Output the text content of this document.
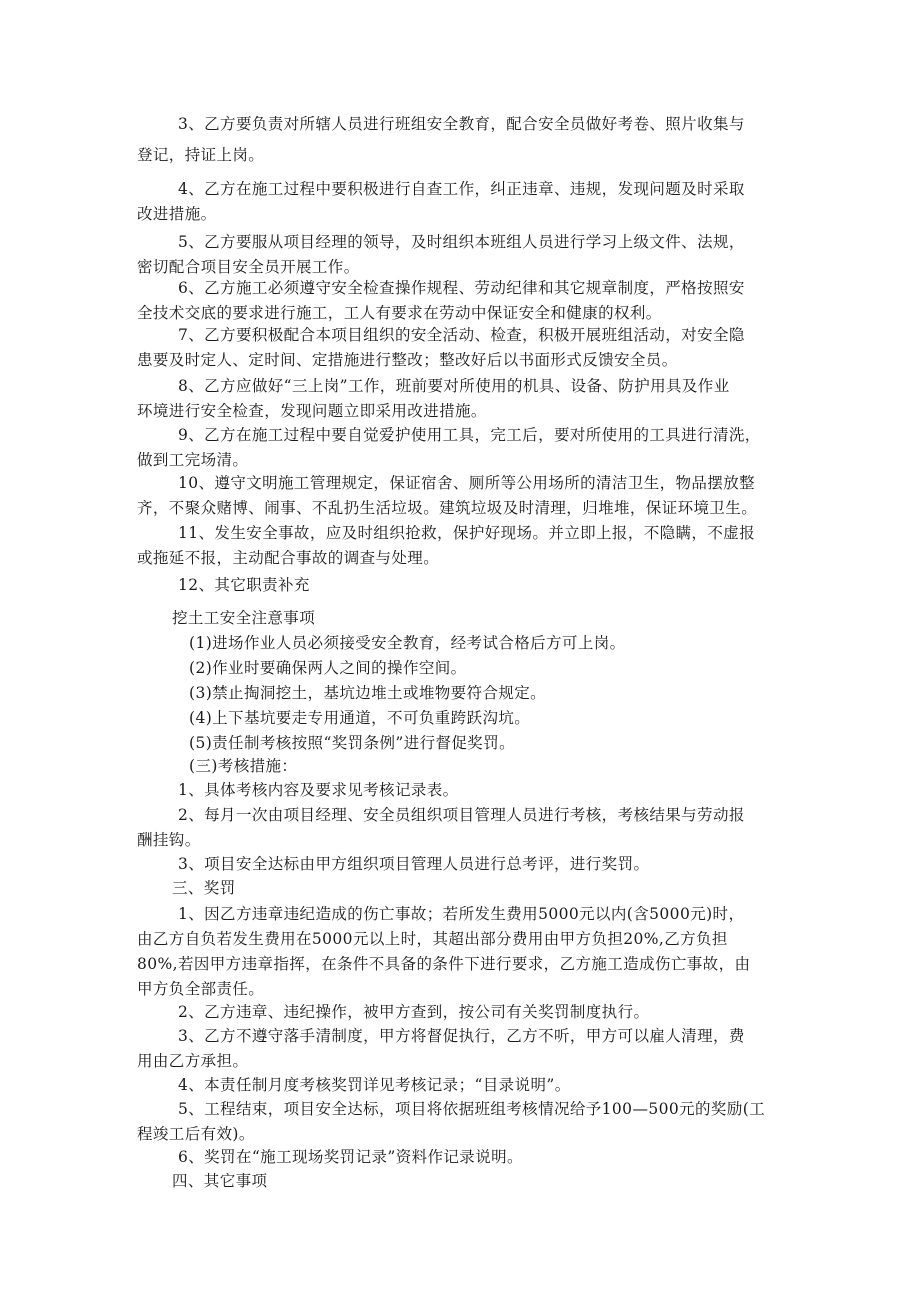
3、乙方要负责对所辖人员进行班组安全教育，配合安全员做好考卷、照片收集与
登记，持证上岗。
4、乙方在施工过程中要积极进行自查工作，纠正违章、违规，发现问题及时采取
改进措施。
5、乙方要服从项目经理的领导，及时组织本班组人员进行学习上级文件、法规，
密切配合项目安全员开展工作。
6、乙方施工必须遵守安全检查操作规程、劳动纪律和其它规章制度，严格按照安
全技术交底的要求进行施工，工人有要求在劳动中保证安全和健康的权利。
7、乙方要积极配合本项目组织的安全活动、检查，积极开展班组活动，对安全隐
患要及时定人、定时间、定措施进行整改；整改好后以书面形式反馈安全员。
8、乙方应做好“三上岗”工作，班前要对所使用的机具、设备、防护用具及作业
环境进行安全检查，发现问题立即采用改进措施。
9、乙方在施工过程中要自觉爱护使用工具，完工后，要对所使用的工具进行清洗，
做到工完场清。
10、遵守文明施工管理规定，保证宿舍、厕所等公用场所的清洁卫生，物品摆放整
齐，不聚众赌博、闹事、不乱扔生活垃圾。建筑垃圾及时清理，归堆堆，保证环境卫生。
11、发生安全事故，应及时组织抢救，保护好现场。并立即上报，不隐瞒，不虚报
或拖延不报，主动配合事故的调查与处理。
12、其它职责补充
挖土工安全注意事项
(1)进场作业人员必须接受安全教育，经考试合格后方可上岗。
(2)作业时要确保两人之间的操作空间。
(3)禁止掏洞挖土，基坑边堆土或堆物要符合规定。
(4)上下基坑要走专用通道，不可负重跨跃沟坑。
(5)责任制考核按照“奖罚条例”进行督促奖罚。
(三)考核措施：
1、具体考核内容及要求见考核记录表。
2、每月一次由项目经理、安全员组织项目管理人员进行考核，考核结果与劳动报
酬挂钩。
3、项目安全达标由甲方组织项目管理人员进行总考评，进行奖罚。
三、奖罚
1、因乙方违章违纪造成的伤亡事故；若所发生费用5000元以内(含5000元)时，
由乙方自负若发生费用在5000元以上时，其超出部分费用由甲方负担20%,乙方负担
80%,若因甲方违章指挥，在条件不具备的条件下进行要求，乙方施工造成伤亡事故，由
甲方负全部责任。
2、乙方违章、违纪操作，被甲方查到，按公司有关奖罚制度执行。
3、乙方不遵守落手清制度，甲方将督促执行，乙方不听，甲方可以雇人清理，费
用由乙方承担。
4、本责任制月度考核奖罚详见考核记录；“目录说明”。
5、工程结束，项目安全达标，项目将依据班组考核情况给予100—500元的奖励(工
程竣工后有效)。
6、奖罚在“施工现场奖罚记录”资料作记录说明。
四、其它事项
